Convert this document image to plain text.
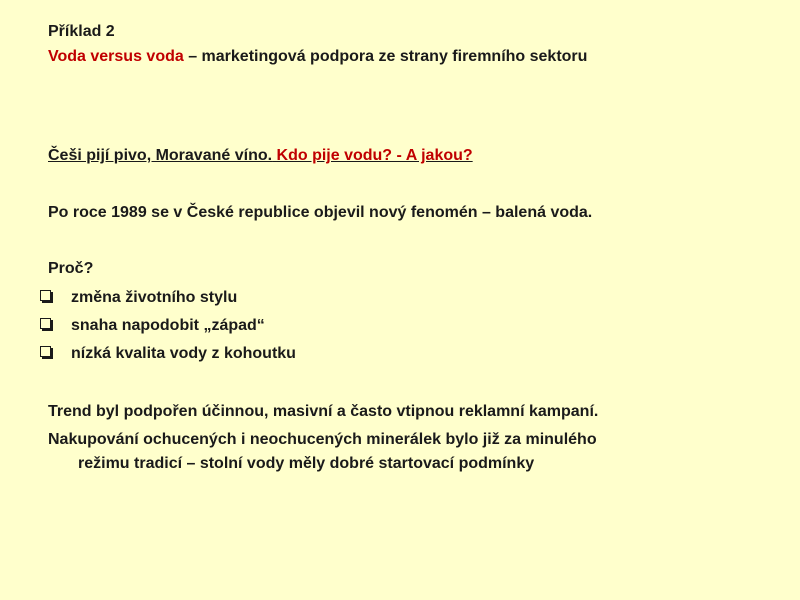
Příklad 2
Voda versus voda – marketingová podpora ze strany firemního sektoru
Češi pijí pivo, Moravané víno. Kdo pije vodu? - A jakou?
Po roce 1989 se v České republice objevil nový fenomén – balená voda.
Proč?
změna životního stylu
snaha napodobit „západ“
nízká kvalita vody z kohoutku
Trend byl podpořen účinnou, masivní a často vtipnou reklamní kampaní.
Nakupování ochucených i neochucených minerálek bylo již za minulého
režimu tradicí – stolní vody měly dobré startovací podmínky
